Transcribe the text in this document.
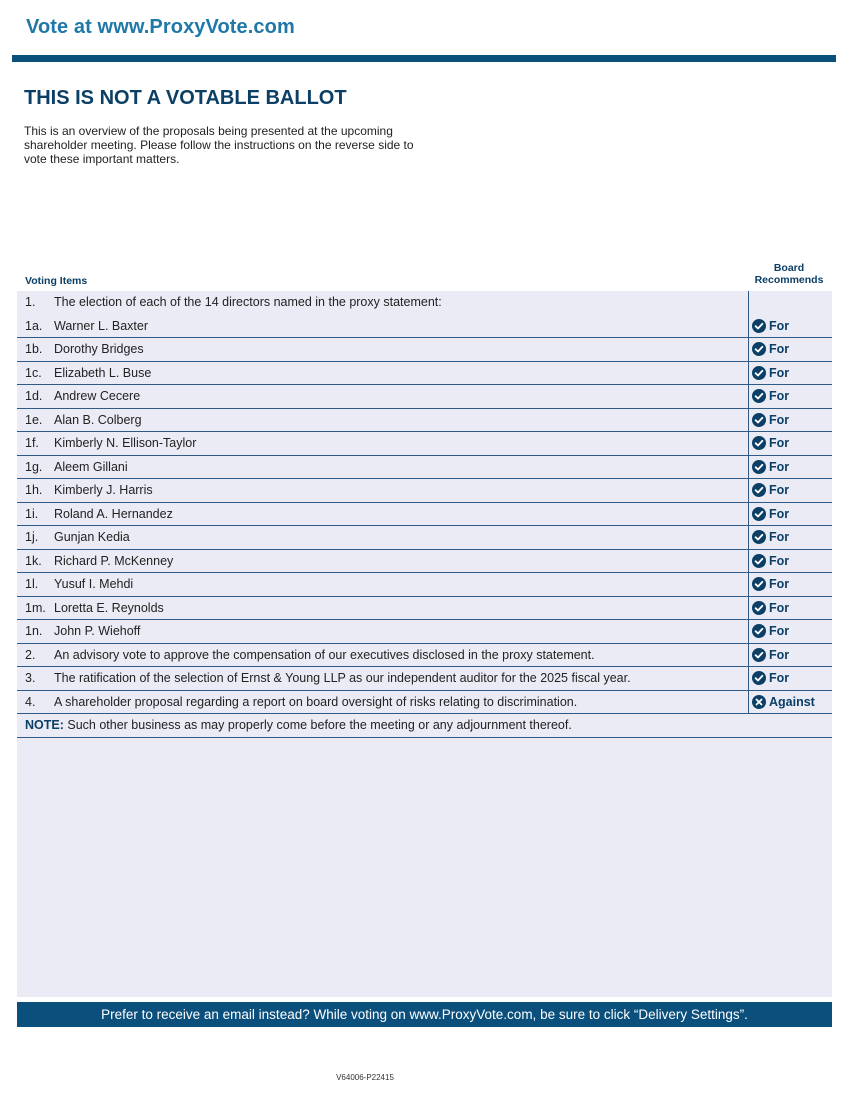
Vote at www.ProxyVote.com
THIS IS NOT A VOTABLE BALLOT
This is an overview of the proposals being presented at the upcoming shareholder meeting. Please follow the instructions on the reverse side to vote these important matters.
Voting Items
Board
Recommends
1. The election of each of the 14 directors named in the proxy statement:
1a. Warner L. Baxter	For
1b. Dorothy Bridges	For
1c. Elizabeth L. Buse	For
1d. Andrew Cecere	For
1e. Alan B. Colberg	For
1f. Kimberly N. Ellison-Taylor	For
1g. Aleem Gillani	For
1h. Kimberly J. Harris	For
1i. Roland A. Hernandez	For
1j. Gunjan Kedia	For
1k. Richard P. McKenney	For
1l. Yusuf I. Mehdi	For
1m. Loretta E. Reynolds	For
1n. John P. Wiehoff	For
2. An advisory vote to approve the compensation of our executives disclosed in the proxy statement.	For
3. The ratification of the selection of Ernst & Young LLP as our independent auditor for the 2025 fiscal year.	For
4. A shareholder proposal regarding a report on board oversight of risks relating to discrimination.	Against
NOTE: Such other business as may properly come before the meeting or any adjournment thereof.
Prefer to receive an email instead? While voting on www.ProxyVote.com, be sure to click “Delivery Settings”.
V64006-P22415
